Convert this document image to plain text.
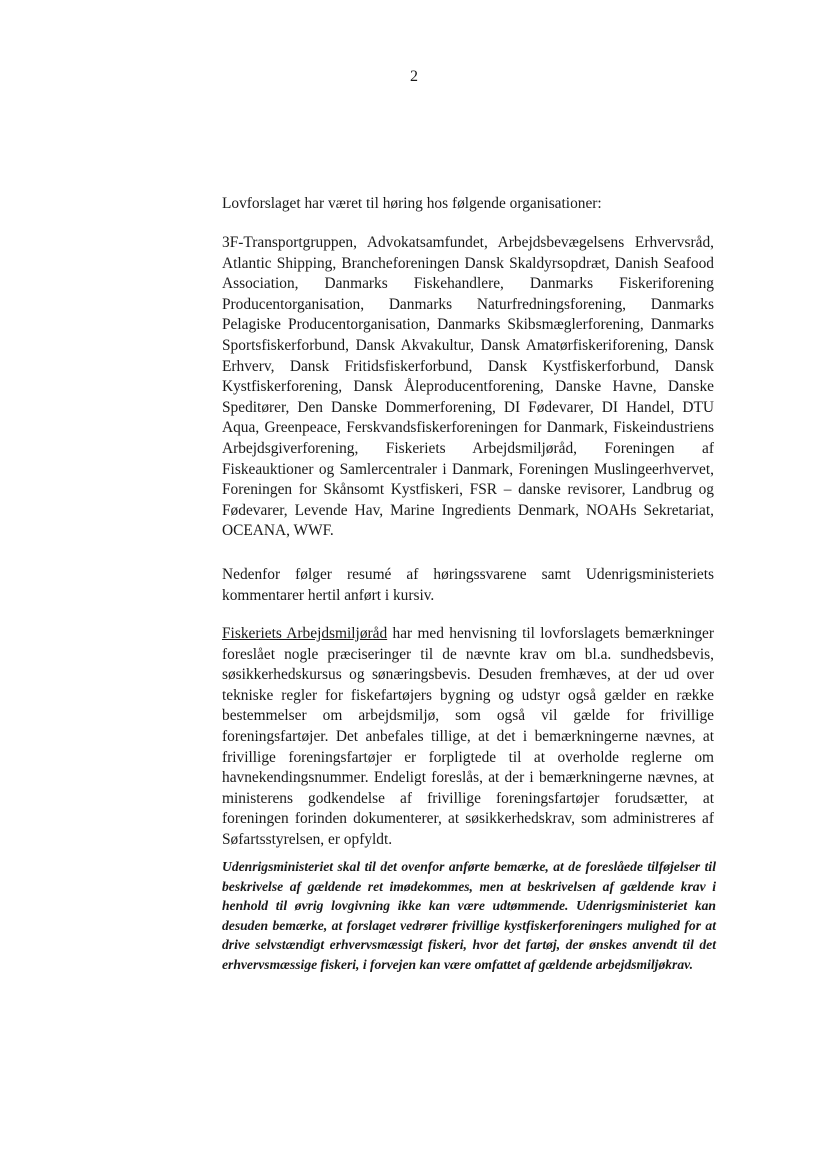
2

Lovforslaget har været til høring hos følgende organisationer:

3F-Transportgruppen, Advokatsamfundet, Arbejdsbevægelsens Erhvervsråd, Atlantic Shipping, Brancheforeningen Dansk Skaldyrsopdræt, Danish Seafood Association, Danmarks Fiskehandlere, Danmarks Fiskeriforening Producentorganisation, Danmarks Naturfredningsforening, Danmarks Pelagiske Producentorganisation, Danmarks Skibsmæglerforening, Danmarks Sportsfiskerforbund, Dansk Akvakultur, Dansk Amatørfiskeriforening, Dansk Erhverv, Dansk Fritidsfiskerforbund, Dansk Kystfiskerforbund, Dansk Kystfiskerforening, Dansk Åleproducentforening, Danske Havne, Danske Speditører, Den Danske Dommerforening, DI Fødevarer, DI Handel, DTU Aqua, Greenpeace, Ferskvandsfiskerforeningen for Danmark, Fiskeindustriens Arbejdsgiverforening, Fiskeriets Arbejdsmiljøråd, Foreningen af Fiskeauktioner og Samlercentraler i Danmark, Foreningen Muslingeerhvervet, Foreningen for Skånsomt Kystfiskeri, FSR – danske revisorer, Landbrug og Fødevarer, Levende Hav, Marine Ingredients Denmark, NOAHs Sekretariat, OCEANA, WWF.

Nedenfor følger resumé af høringssvarene samt Udenrigsministeriets kommentarer hertil anført i kursiv.

Fiskeriets Arbejdsmiljøråd har med henvisning til lovforslagets bemærkninger foreslået nogle præciseringer til de nævnte krav om bl.a. sundhedsbevis, søsikkerhedskursus og sønæringsbevis. Desuden fremhæves, at der ud over tekniske regler for fiskefartøjers bygning og udstyr også gælder en række bestemmelser om arbejdsmiljø, som også vil gælde for frivillige foreningsfartøjer. Det anbefales tillige, at det i bemærkningerne nævnes, at frivillige foreningsfartøjer er forpligtede til at overholde reglerne om havnekendingsnummer. Endeligt foreslås, at der i bemærkningerne nævnes, at ministerens godkendelse af frivillige foreningsfartøjer forudsætter, at foreningen forinden dokumenterer, at søsikkerhedskrav, som administreres af Søfartsstyrelsen, er opfyldt.

Udenrigsministeriet skal til det ovenfor anførte bemærke, at de foreslåede tilføjelser til beskrivelse af gældende ret imødekommes, men at beskrivelsen af gældende krav i henhold til øvrig lovgivning ikke kan være udtømmende. Udenrigsministeriet kan desuden bemærke, at forslaget vedrører frivillige kystfiskerforeningers mulighed for at drive selvstændigt erhvervsmæssigt fiskeri, hvor det fartøj, der ønskes anvendt til det erhvervsmæssige fiskeri, i forvejen kan være omfattet af gældende arbejdsmiljøkrav.
